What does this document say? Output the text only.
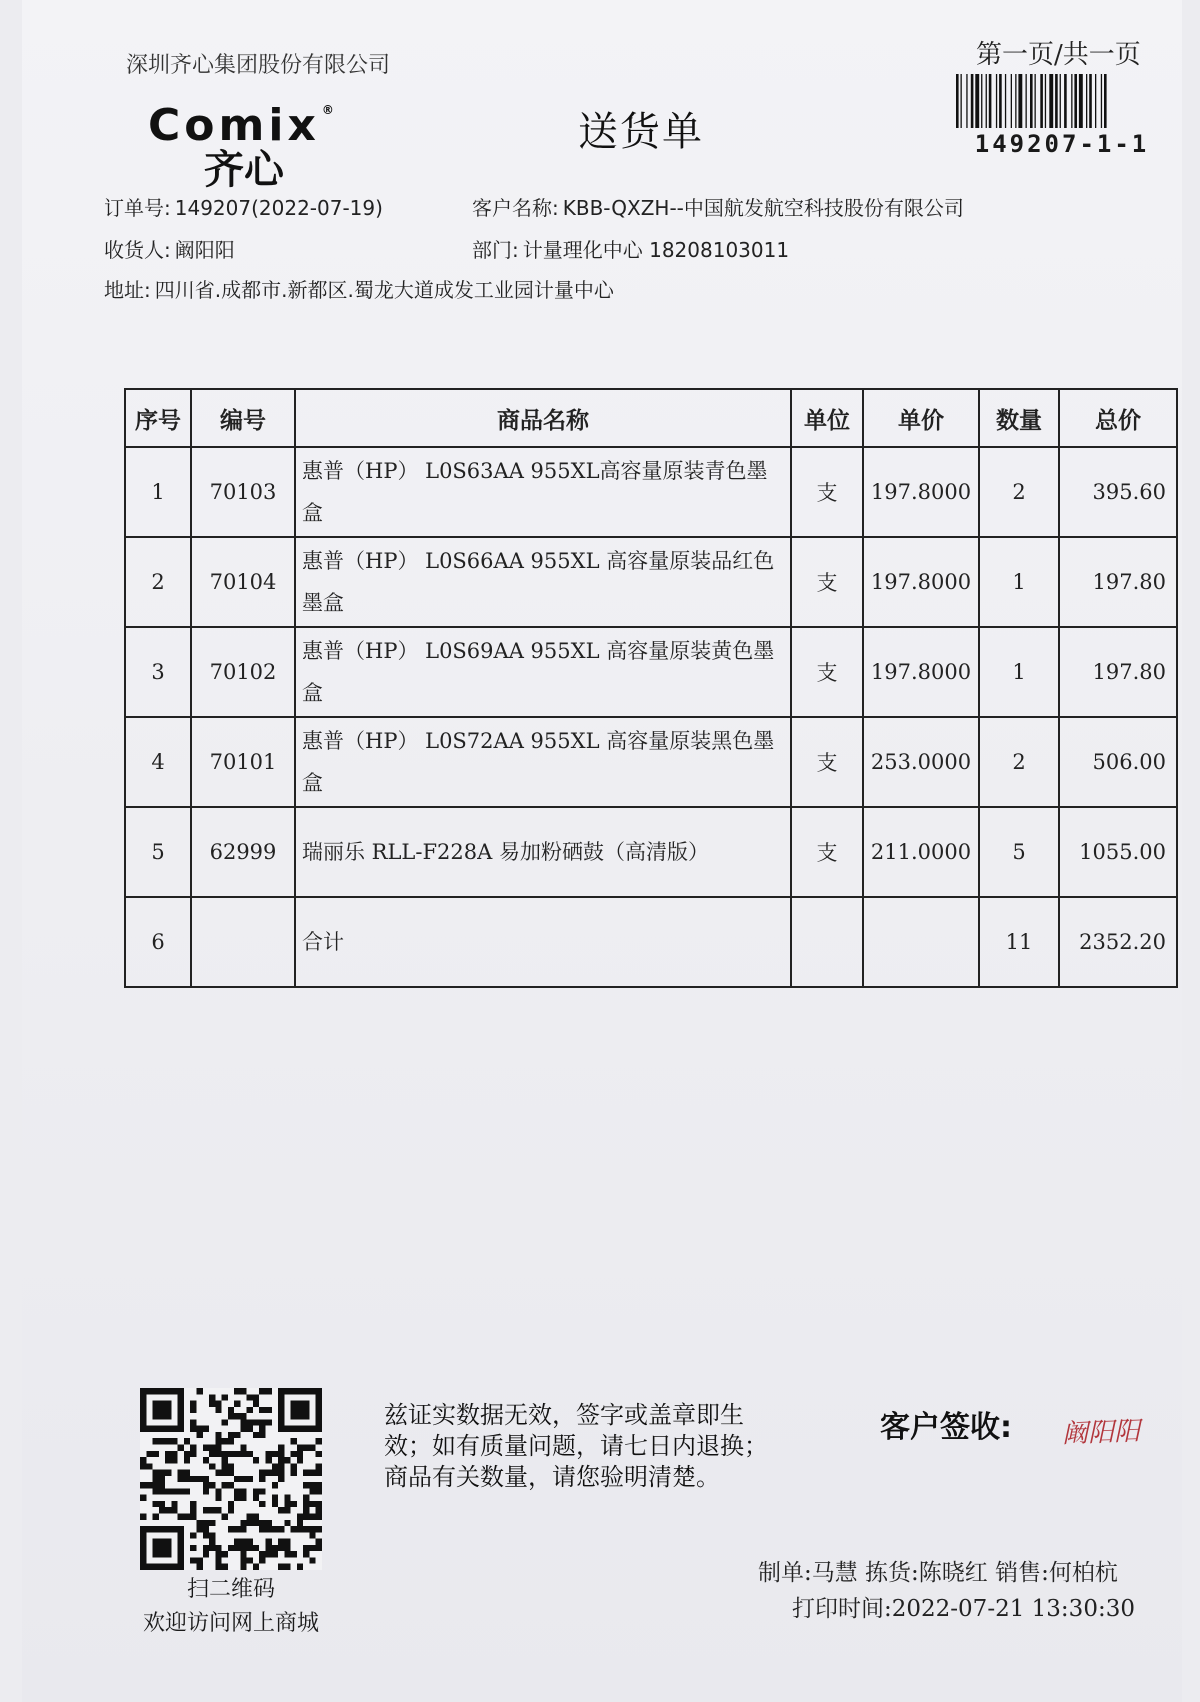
深圳齐心集团股份有限公司
Comix ®
齐心
送货单
第一页/共一页
149207-1-1
订单号: 149207(2022-07-19)	客户名称: KBB-QXZH--中国航发航空科技股份有限公司
收货人: 阚阳阳	部门: 计量理化中心 18208103011
地址: 四川省.成都市.新都区.蜀龙大道成发工业园计量中心
序号	编号	商品名称	单位	单价	数量	总价
1	70103	惠普（HP） L0S63AA 955XL高容量原装青色墨盒	支	197.8000	2	395.60
2	70104	惠普（HP） L0S66AA 955XL 高容量原装品红色墨盒	支	197.8000	1	197.80
3	70102	惠普（HP） L0S69AA 955XL 高容量原装黄色墨盒	支	197.8000	1	197.80
4	70101	惠普（HP） L0S72AA 955XL 高容量原装黑色墨盒	支	253.0000	2	506.00
5	62999	瑞丽乐 RLL-F228A 易加粉硒鼓（高清版）	支	211.0000	5	1055.00
6		合计			11	2352.20
扫二维码
欢迎访问网上商城
兹证实数据无效，签字或盖章即生
效；如有质量问题，请七日内退换；
商品有关数量，请您验明清楚。
客户签收: 阚阳阳
制单:马慧 拣货:陈晓红 销售:何柏杭
打印时间:2022-07-21 13:30:30
